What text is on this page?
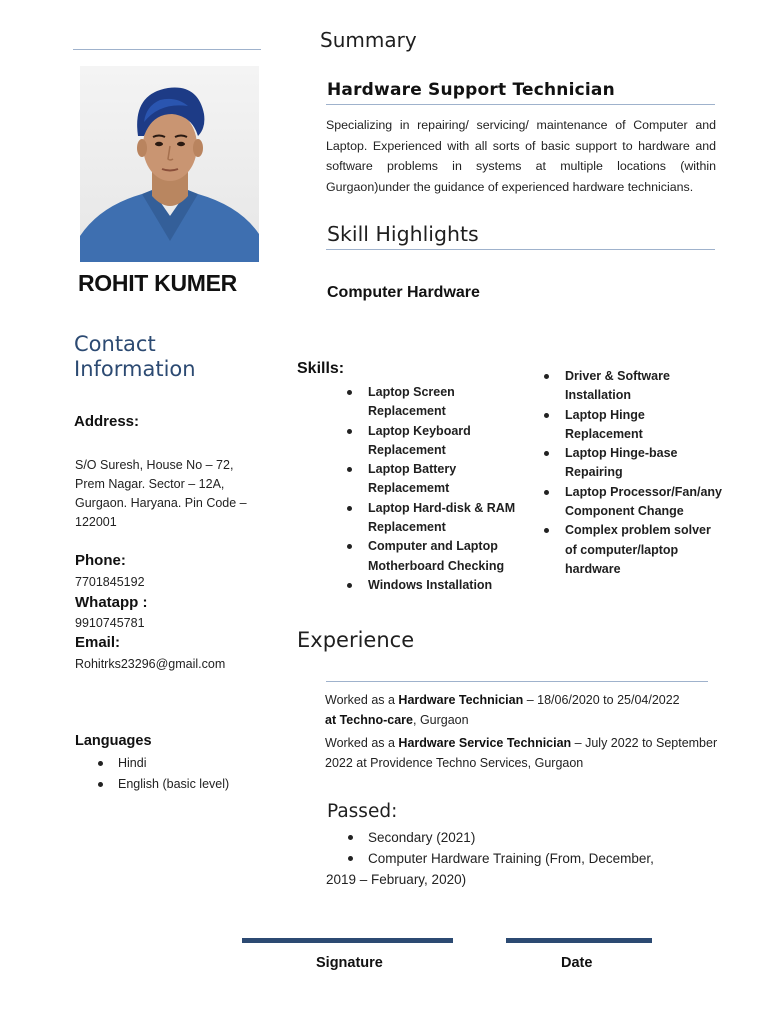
ROHIT KUMER
Contact
Information
Address:
S/O Suresh, House No – 72,
Prem Nagar. Sector – 12A,
Gurgaon. Haryana. Pin Code –
122001
Phone:
7701845192
Whatapp :
9910745781
Email:
Rohitrks23296@gmail.com
Languages
Hindi
English (basic level)
Summary
Hardware Support Technician
Specializing in repairing/ servicing/ maintenance of Computer and Laptop. Experienced with all sorts of basic support to hardware and software problems in systems at multiple locations (within Gurgaon)under the guidance of experienced hardware technicians.
Skill Highlights
Computer Hardware
Skills:
Laptop Screen Replacement
Laptop Keyboard Replacement
Laptop Battery Replacememt
Laptop Hard-disk & RAM Replacement
Computer and Laptop Motherboard Checking
Windows Installation
Driver & Software Installation
Laptop Hinge Replacement
Laptop Hinge-base Repairing
Laptop Processor/Fan/any Component Change
Complex problem solver of computer/laptop hardware
Experience
Worked as a Hardware Technician – 18/06/2020 to 25/04/2022
at Techno-care, Gurgaon
Worked as a Hardware Service Technician – July 2022 to September 2022 at Providence Techno Services, Gurgaon
Passed:
Secondary (2021)
Computer Hardware Training (From, December,
2019 – February, 2020)
Signature	Date
